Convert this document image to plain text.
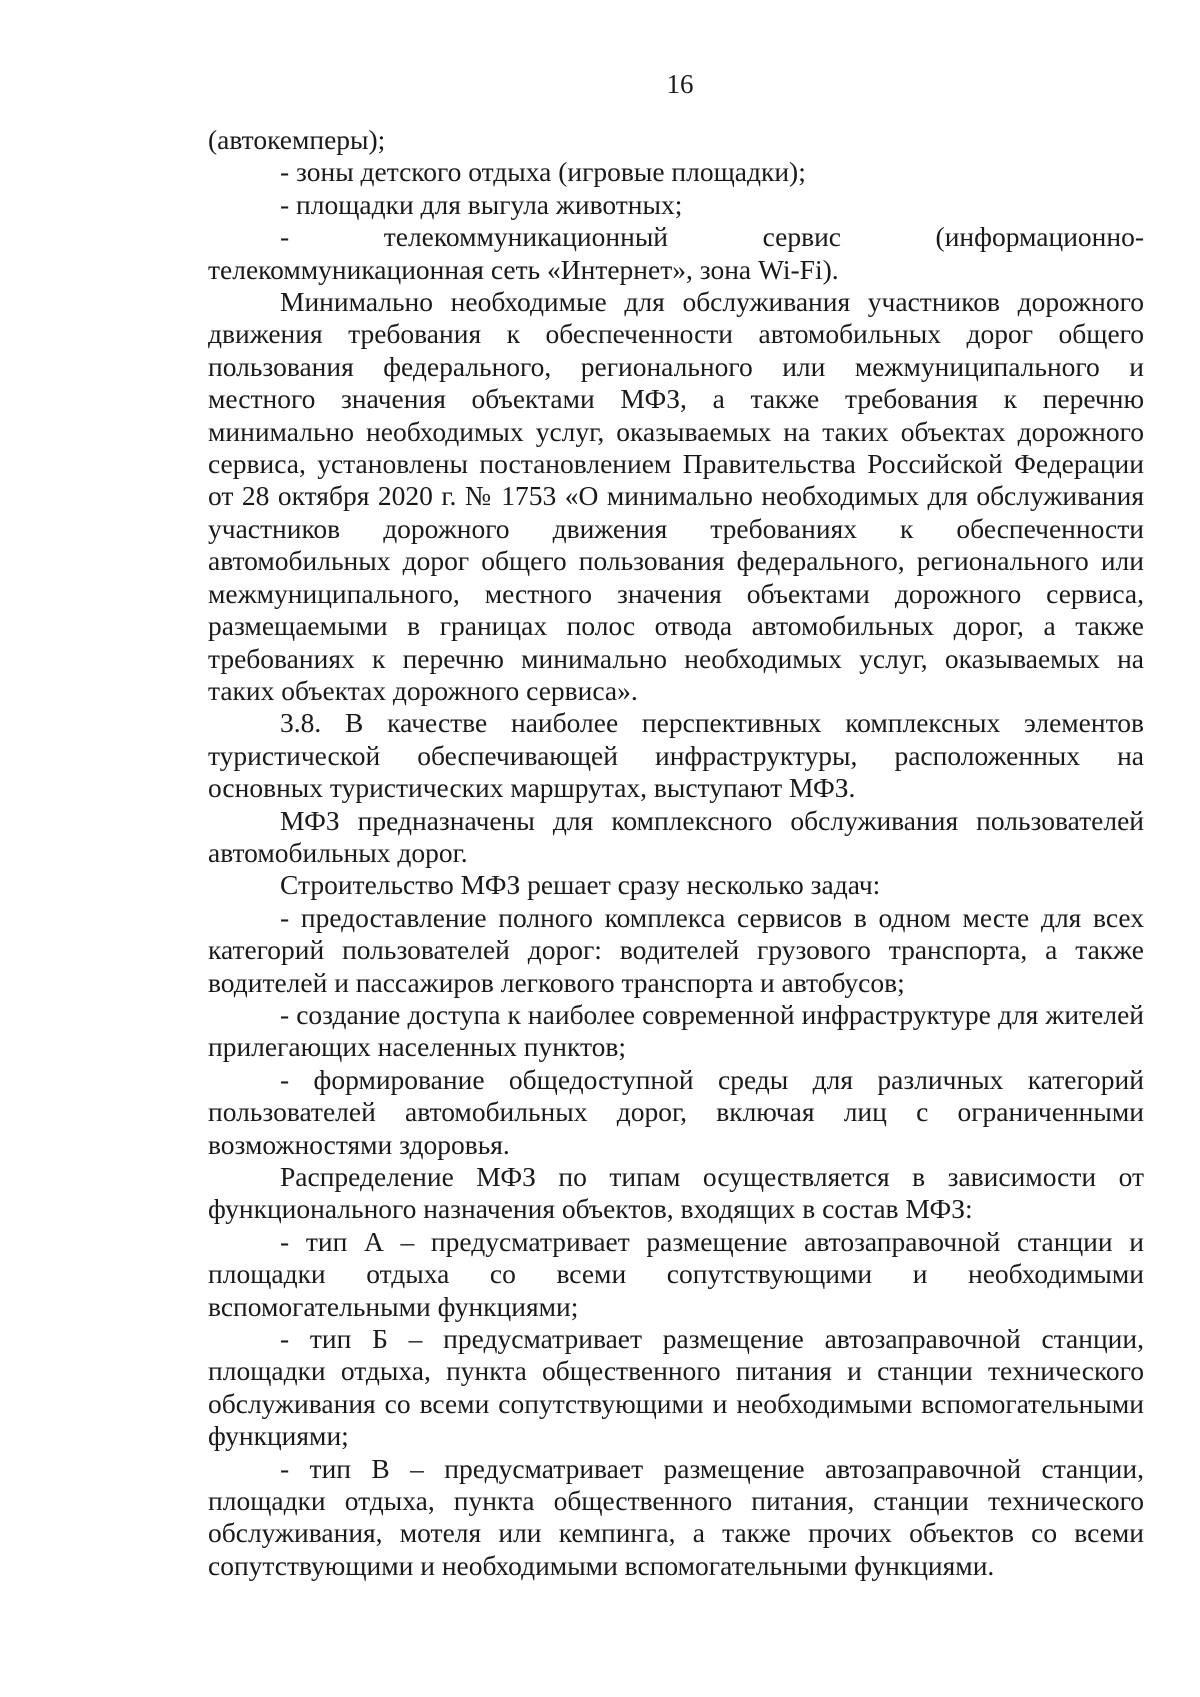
16

(автокемперы);

- зоны детского отдыха (игровые площадки);

- площадки для выгула животных;

- телекоммуникационный сервис (информационно-телекоммуникационная сеть «Интернет», зона Wi-Fi).

Минимально необходимые для обслуживания участников дорожного движения требования к обеспеченности автомобильных дорог общего пользования федерального, регионального или межмуниципального и местного значения объектами МФЗ, а также требования к перечню минимально необходимых услуг, оказываемых на таких объектах дорожного сервиса, установлены постановлением Правительства Российской Федерации от 28 октября 2020 г. № 1753 «О минимально необходимых для обслуживания участников дорожного движения требованиях к обеспеченности автомобильных дорог общего пользования федерального, регионального или межмуниципального, местного значения объектами дорожного сервиса, размещаемыми в границах полос отвода автомобильных дорог, а также требованиях к перечню минимально необходимых услуг, оказываемых на таких объектах дорожного сервиса».

3.8. В качестве наиболее перспективных комплексных элементов туристической обеспечивающей инфраструктуры, расположенных на основных туристических маршрутах, выступают МФЗ.

МФЗ предназначены для комплексного обслуживания пользователей автомобильных дорог.

Строительство МФЗ решает сразу несколько задач:

- предоставление полного комплекса сервисов в одном месте для всех категорий пользователей дорог: водителей грузового транспорта, а также водителей и пассажиров легкового транспорта и автобусов;

- создание доступа к наиболее современной инфраструктуре для жителей прилегающих населенных пунктов;

- формирование общедоступной среды для различных категорий пользователей автомобильных дорог, включая лиц с ограниченными возможностями здоровья.

Распределение МФЗ по типам осуществляется в зависимости от функционального назначения объектов, входящих в состав МФЗ:

- тип А – предусматривает размещение автозаправочной станции и площадки отдыха со всеми сопутствующими и необходимыми вспомогательными функциями;

- тип Б – предусматривает размещение автозаправочной станции, площадки отдыха, пункта общественного питания и станции технического обслуживания со всеми сопутствующими и необходимыми вспомогательными функциями;

- тип В – предусматривает размещение автозаправочной станции, площадки отдыха, пункта общественного питания, станции технического обслуживания, мотеля или кемпинга, а также прочих объектов со всеми сопутствующими и необходимыми вспомогательными функциями.
